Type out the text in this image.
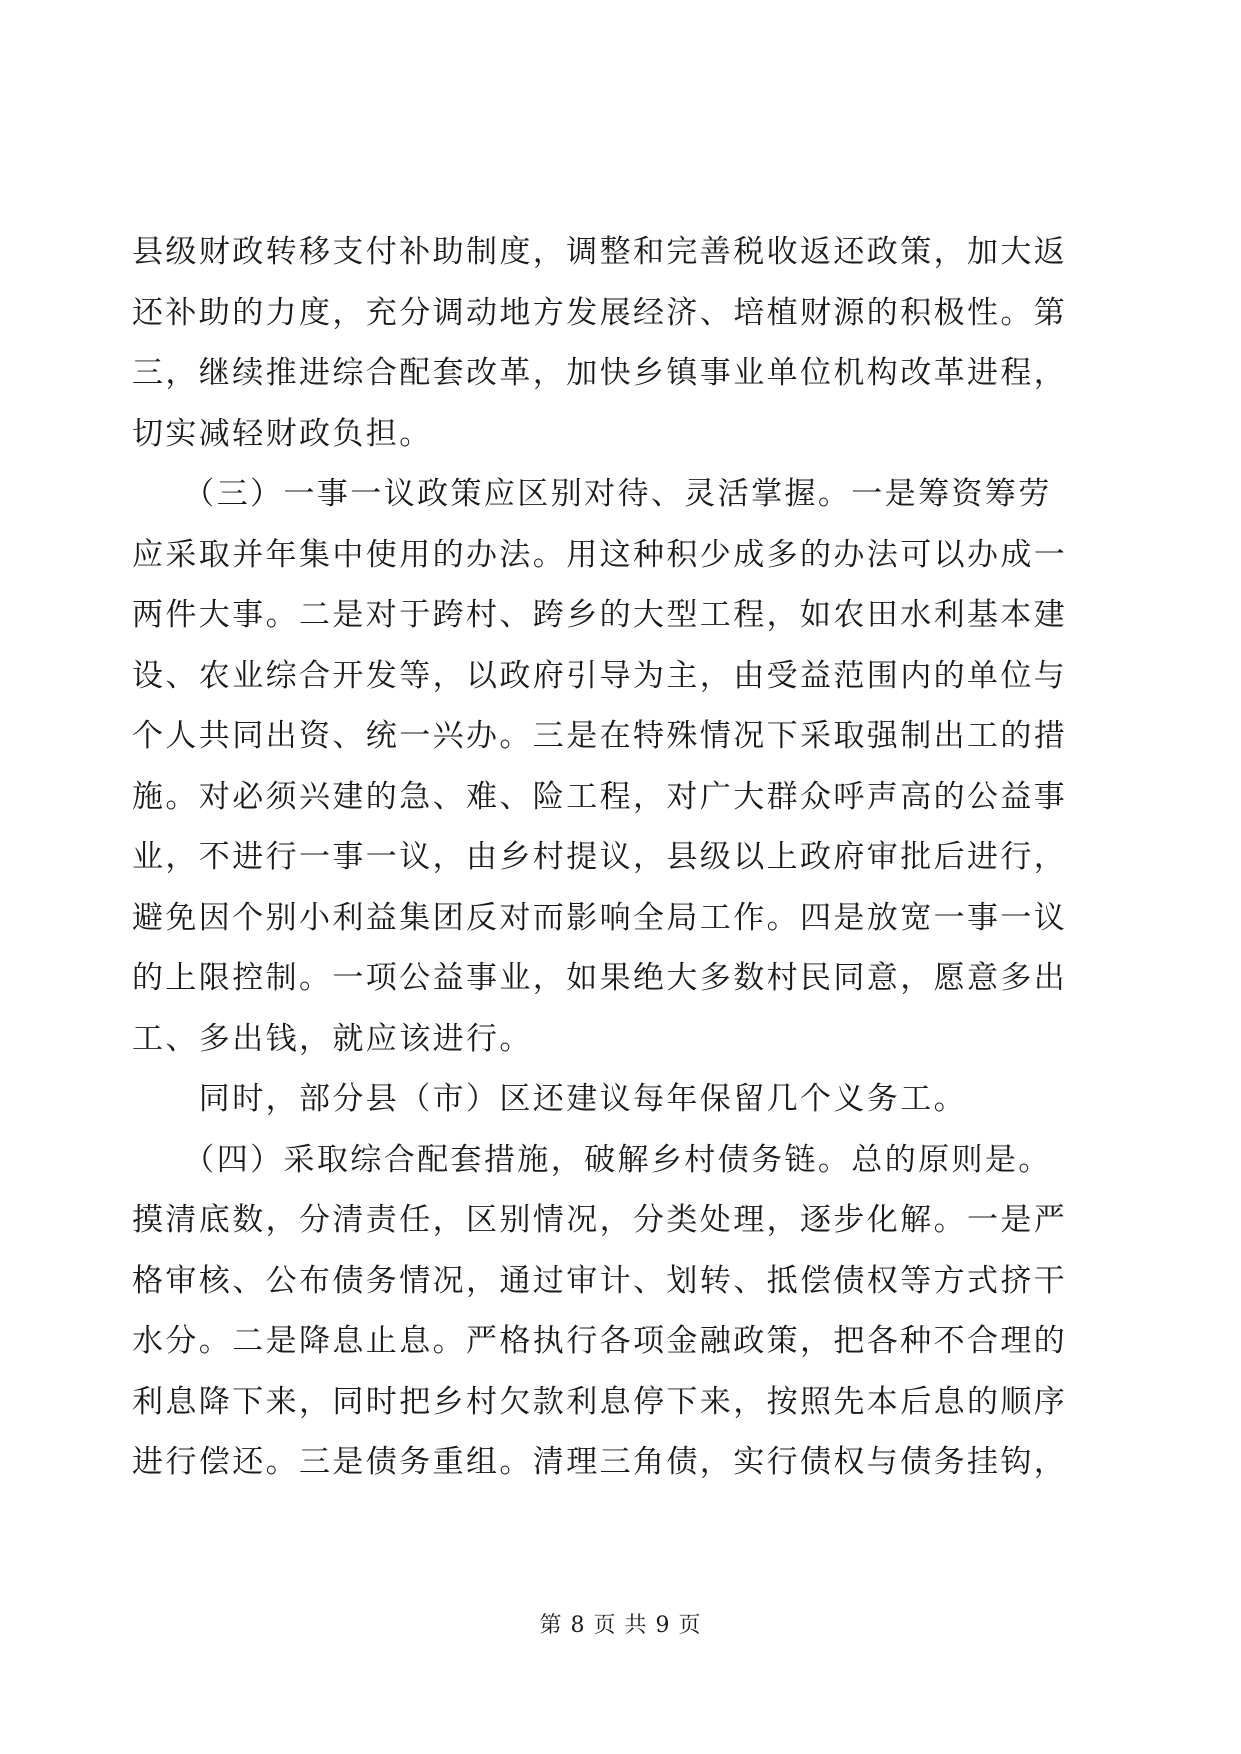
县级财政转移支付补助制度，调整和完善税收返还政策，加大返
还补助的力度，充分调动地方发展经济、培植财源的积极性。第
三，继续推进综合配套改革，加快乡镇事业单位机构改革进程，
切实减轻财政负担。
　　（三）一事一议政策应区别对待、灵活掌握。一是筹资筹劳
应采取并年集中使用的办法。用这种积少成多的办法可以办成一
两件大事。二是对于跨村、跨乡的大型工程，如农田水利基本建
设、农业综合开发等，以政府引导为主，由受益范围内的单位与
个人共同出资、统一兴办。三是在特殊情况下采取强制出工的措
施。对必须兴建的急、难、险工程，对广大群众呼声高的公益事
业，不进行一事一议，由乡村提议，县级以上政府审批后进行，
避免因个别小利益集团反对而影响全局工作。四是放宽一事一议
的上限控制。一项公益事业，如果绝大多数村民同意，愿意多出
工、多出钱，就应该进行。
　　同时，部分县（市）区还建议每年保留几个义务工。
　　（四）采取综合配套措施，破解乡村债务链。总的原则是。
摸清底数，分清责任，区别情况，分类处理，逐步化解。一是严
格审核、公布债务情况，通过审计、划转、抵偿债权等方式挤干
水分。二是降息止息。严格执行各项金融政策，把各种不合理的
利息降下来，同时把乡村欠款利息停下来，按照先本后息的顺序
进行偿还。三是债务重组。清理三角债，实行债权与债务挂钩，
第 8 页 共 9 页
